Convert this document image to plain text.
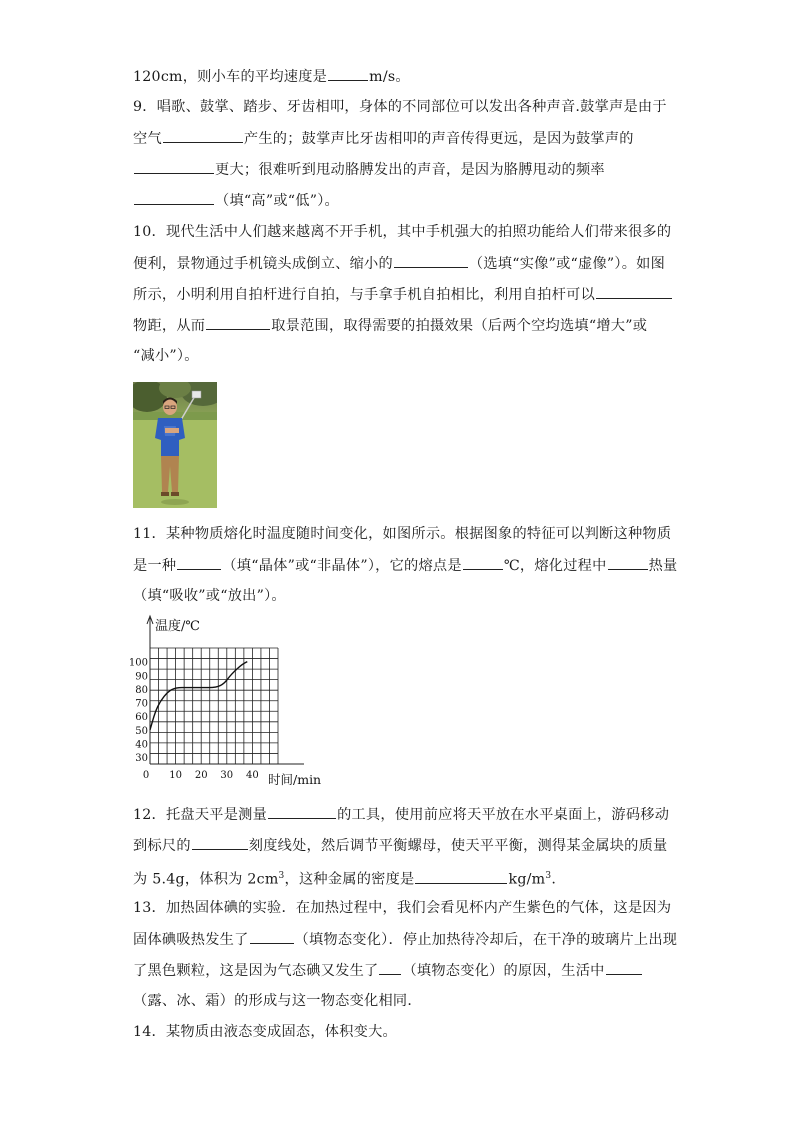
120cm，则小车的平均速度是	m/s。
9．唱歌、鼓掌、踏步、牙齿相叩，身体的不同部位可以发出各种声音.鼓掌声是由于
空气	产生的；鼓掌声比牙齿相叩的声音传得更远，是因为鼓掌声的
更大；很难听到甩动胳膊发出的声音，是因为胳膊甩动的频率
（填“高”或“低”）。
10．现代生活中人们越来越离不开手机，其中手机强大的拍照功能给人们带来很多的
便利，景物通过手机镜头成倒立、缩小的	（选填“实像”或“虚像”）。如图
所示，小明利用自拍杆进行自拍，与手拿手机自拍相比，利用自拍杆可以
物距，从而	取景范围，取得需要的拍摄效果（后两个空均选填“增大”或
“减小”）。
11．某种物质熔化时温度随时间变化，如图所示。根据图象的特征可以判断这种物质
是一种	（填“晶体”或“非晶体”），它的熔点是	℃，熔化过程中	热量
（填“吸收”或“放出”）。
温度/℃
时间/min
30
40
50
60
70
80
90
100
0 10 20 30 40
12．托盘天平是测量	的工具，使用前应将天平放在水平桌面上，游码移动
到标尺的	刻度线处，然后调节平衡螺母，使天平平衡，测得某金属块的质量
为 5.4g，体积为 $2cm^3$，这种金属的密度是	$kg/m^3$.
13．加热固体碘的实验．在加热过程中，我们会看见杯内产生紫色的气体，这是因为
固体碘吸热发生了	（填物态变化）．停止加热待冷却后，在干净的玻璃片上出现
了黑色颗粒，这是因为气态碘又发生了 （填物态变化）的原因，生活中
（露、冰、霜）的形成与这一物态变化相同．
14．某物质由液态变成固态，体积变大。
